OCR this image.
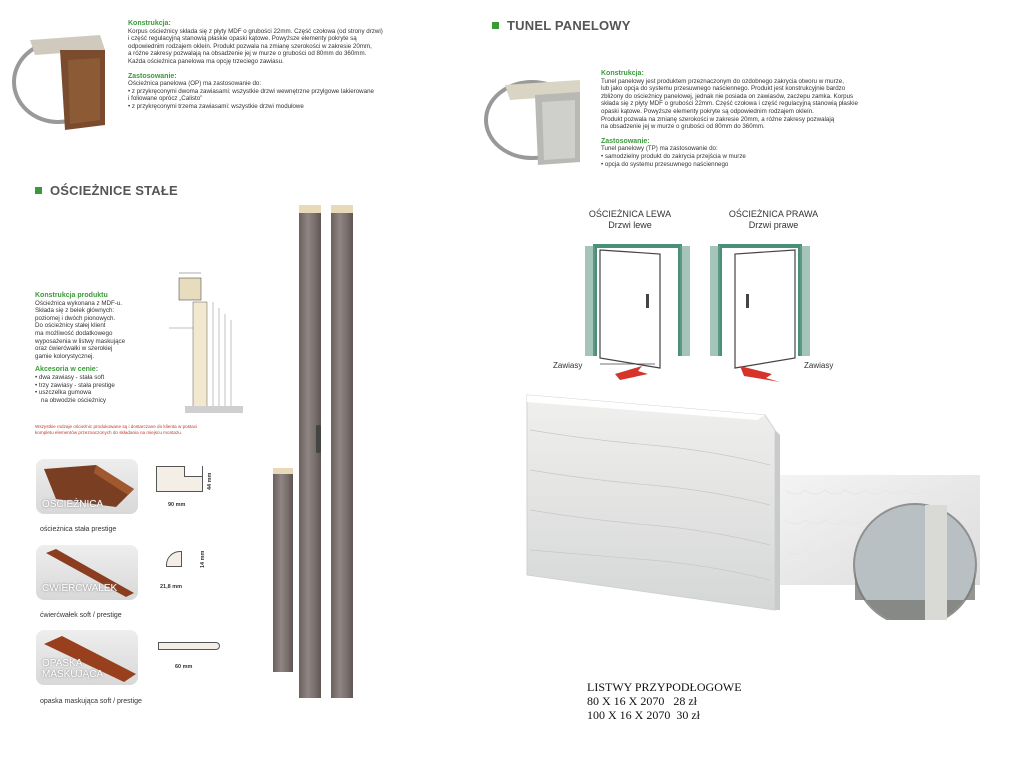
Konstrukcja:
Korpus ościeżnicy składa się z płyty MDF o grubości 22mm. Część czołowa (od strony drzwi)
i część regulacyjną stanowią płaskie opaski kątowe. Powyższe elementy pokryte są
odpowiednim rodzajem okleín. Produkt pozwala na zmianę szerokości w zakresie 20mm,
a różne zakresy pozwalają na obsadzenie jej w murze o grubości od 80mm do 360mm.
Każda ościeżnica panelowa ma opcję trzeciego zawiasu.
Zastosowanie:
Ościeżnica panelowa (OP) ma zastosowanie do:
• z przykręconymi dwoma zawiasami: wszystkie drzwi wewnętrzne przylgowe lakierowane
i foliowane oprócz „Calisto”
• z przykręconymi trzema zawiasami: wszystkie drzwi modułowe
TUNEL PANELOWY
Konstrukcja:
Tunel panelowy jest produktem przeznaczonym do ozdobnego zakrycia otworu w murze,
lub jako opcja do systemu przesuwnego naściennego. Produkt jest konstrukcyjnie bardzo
zbliżony do ościeżnicy panelowej, jednak nie posiada on zawiasów, zaczepu zamka. Korpus
składa się z płyty MDF o grubości 22mm. Część czołowa i część regulacyjną stanowią płaskie
opaski kątowe. Powyższe elementy pokryte są odpowiednim rodzajem okleín.
Produkt pozwala na zmianę szerokości w zakresie 20mm, a różne zakresy pozwalają
na obsadzenie jej w murze o grubości od 80mm do 360mm.
Zastosowanie:
Tunel panelowy (TP) ma zastosowanie do:
• samodzielny produkt do zakrycia przejścia w murze
• opcja do systemu przesuwnego naściennego
OŚCIEŻNICE STAŁE
Konstrukcja produktu
Ościeżnica wykonana z MDF-u.
Składa się z belek głównych:
poziomej i dwóch pionowych.
Do ościeżnicy stałej klient
ma możliwość dodatkowego
wyposażenia w listwy maskujące
oraz ćwierćwałki w szerokiej
gamie kolorystycznej.
Akcesoria w cenie:
• dwa zawiasy - stała soft
• trzy zawiasy - stała prestige
• uszczelka gumowa
na obwodzie ościeżnicy
Wszystkie rodzaje ościeżnic produkowane są i dostarczane do klienta w postaci
kompletu elementów przeznaczonych do składania na miejscu montażu.
OŚCIEŻNICA
ościeżnica stała prestige
ĆWIERĆWAŁEK
ćwierćwałek soft / prestige
OPASKA MASKUJĄCA
opaska maskująca soft / prestige
90 mm
44 mm
21,8 mm
14 mm
60 mm
OŚCIEŻNICA LEWA
Drzwi lewe
OŚCIEŻNICA PRAWA
Drzwi prawe
Zawiasy	Zawiasy
LISTWY PRZYPODŁOGOWE
80 X 16 X 2070   28 zł
100 X 16 X 2070  30 zł
